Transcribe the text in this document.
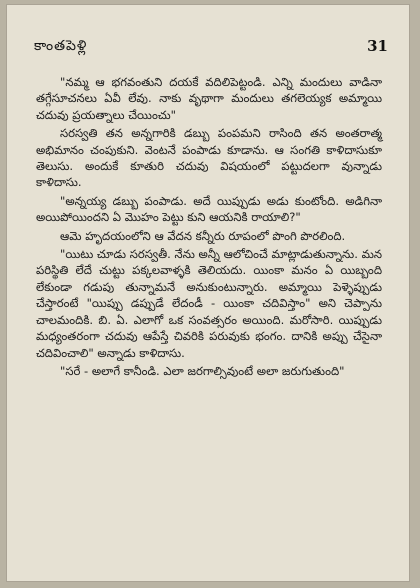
కాంతపెళ్లి	31

"నమ్మ ఆ భగవంతుని దయకే వదిలిపెట్టండి. ఎన్ని మందులు వాడినా తగ్గేసూచనలు ఏవీ లేవు. నాకు వృథాగా మందులు తగలెయ్యక అమ్మాయి చదువు ప్రయత్నాలు చేయించు"

సరస్వతి తన అన్నగారికి డబ్బు పంపమని రాసింది తన అంతరాత్మ అభిమానం చంపుకుని. వెంటనే పంపాడు కూడాను. ఆ సంగతి కాళిదాసుకూ తెలుసు. అందుకే కూతురి చదువు విషయంలో పట్టుదలగా వున్నాడు కాళిదాసు.

"అన్నయ్య డబ్బు పంపాడు. అదే యిప్పుడు అడు కుంటోంది. అడిగినా అయిపోయిందని ఏ మొహం పెట్టు కుని ఆయనికి రాయాలి?"

ఆమె హృదయంలోని ఆ వేదన కన్నీరు రూపంలో పొంగి పొరలింది.

"యిటు చూడు సరస్వతీ. నేను అన్నీ ఆలోచించే మాట్లాడుతున్నాను. మన పరిస్థితి లేదే చుట్టు పక్కలవాళ్ళకి తెలియదు. యింకా మనం ఏ యిబ్బంది లేకుండా గడుపు తున్నామనే అనుకుంటున్నారు. అమ్మాయి పెళ్ళెప్పుడు చేస్తారంటే "యిప్పు డప్పుడే లేదండీ - యింకా చదివిస్తాం" అని చెప్పాను చాలమందికి. బి. ఏ. ఎలాగో ఒక సంవత్సరం అయింది. మరోసారి. యిప్పుడు మధ్యంతరంగా చదువు ఆపేస్తే చివరికి పరువుకు భంగం. దానికి అప్పు చేసైనా చదివించాలి" అన్నాడు కాళిదాసు.

"సరే - అలాగే కానీండి. ఎలా జరగాల్సివుంటే అలా జరుగుతుంది"
